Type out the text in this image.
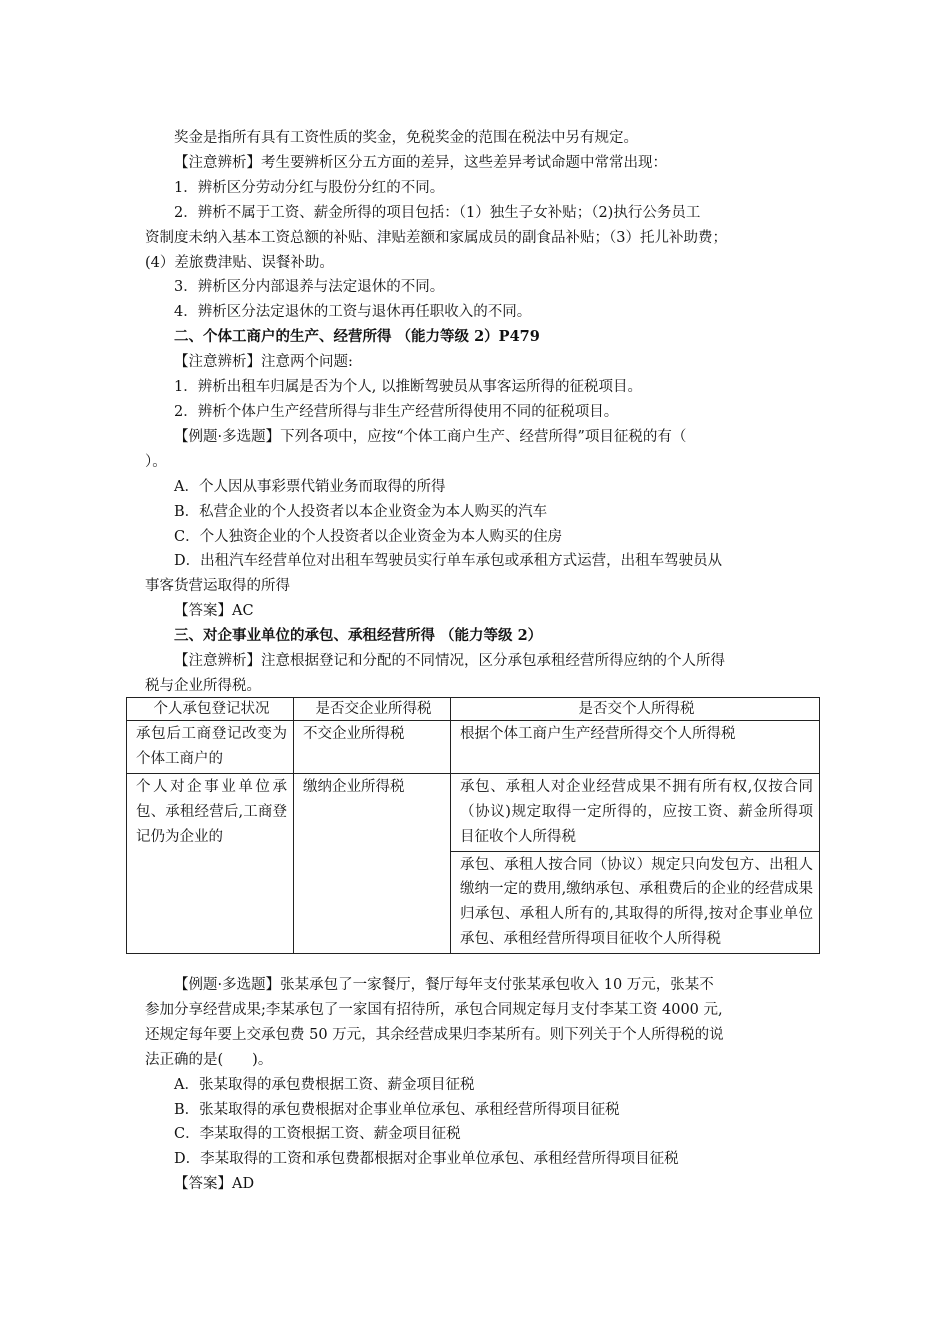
奖金是指所有具有工资性质的奖金，免税奖金的范围在税法中另有规定。
【注意辨析】考生要辨析区分五方面的差异，这些差异考试命题中常常出现：
1．辨析区分劳动分红与股份分红的不同。
2．辨析不属于工资、薪金所得的项目包括：（1）独生子女补贴；（2)执行公务员工
资制度未纳入基本工资总额的补贴、津贴差额和家属成员的副食品补贴；（3）托儿补助费；
(4）差旅费津贴、误餐补助。
3．辨析区分内部退养与法定退休的不同。
4．辨析区分法定退休的工资与退休再任职收入的不同。
二、个体工商户的生产、经营所得 （能力等级 2）P479
【注意辨析】注意两个问题:
1．辨析出租车归属是否为个人, 以推断驾驶员从事客运所得的征税项目。
2．辨析个体户生产经营所得与非生产经营所得使用不同的征税项目。
【例题·多选题】下列各项中，应按“个体工商户生产、经营所得”项目征税的有（
）。
A．个人因从事彩票代销业务而取得的所得
B．私营企业的个人投资者以本企业资金为本人购买的汽车
C．个人独资企业的个人投资者以企业资金为本人购买的住房
D．出租汽车经营单位对出租车驾驶员实行单车承包或承租方式运营，出租车驾驶员从
事客货营运取得的所得
【答案】AC
三、对企事业单位的承包、承租经营所得 （能力等级 2）
【注意辨析】注意根据登记和分配的不同情况，区分承包承租经营所得应纳的个人所得
税与企业所得税。
个人承包登记状况	是否交企业所得税	是否交个人所得税
承包后工商登记改变为个体工商户的	不交企业所得税	根据个体工商户生产经营所得交个人所得税
个人对企事业单位承包、承租经营后,工商登记仍为企业的	缴纳企业所得税	承包、承租人对企业经营成果不拥有所有权,仅按合同（协议)规定取得一定所得的，应按工资、薪金所得项目征收个人所得税
		承包、承租人按合同（协议）规定只向发包方、出租人缴纳一定的费用,缴纳承包、承租费后的企业的经营成果归承包、承租人所有的,其取得的所得,按对企事业单位承包、承租经营所得项目征收个人所得税
【例题·多选题】张某承包了一家餐厅，餐厅每年支付张某承包收入 10 万元，张某不
参加分享经营成果;李某承包了一家国有招待所，承包合同规定每月支付李某工资 4000 元,
还规定每年要上交承包费 50 万元，其余经营成果归李某所有。则下列关于个人所得税的说
法正确的是(　　)。
A．张某取得的承包费根据工资、薪金项目征税
B．张某取得的承包费根据对企事业单位承包、承租经营所得项目征税
C．李某取得的工资根据工资、薪金项目征税
D．李某取得的工资和承包费都根据对企事业单位承包、承租经营所得项目征税
【答案】AD
